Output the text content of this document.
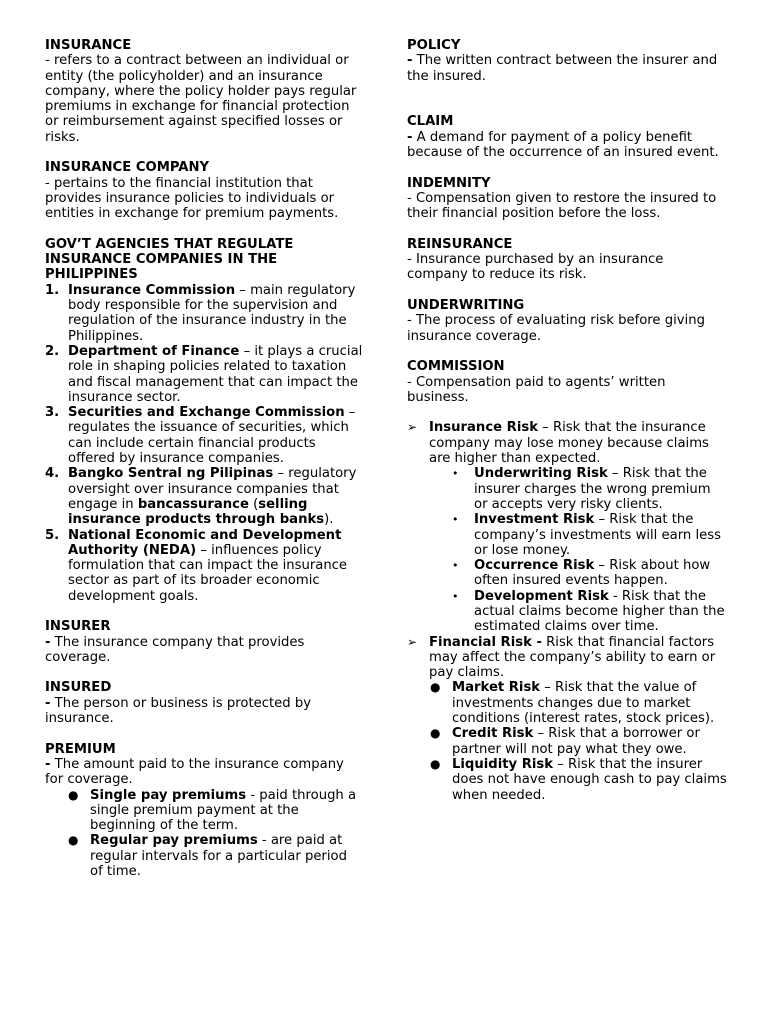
INSURANCE

- refers to a contract between an individual or entity (the policyholder) and an insurance company, where the policy holder pays regular premiums in exchange for financial protection or reimbursement against specified losses or risks.

INSURANCE COMPANY

- pertains to the financial institution that provides insurance policies to individuals or entities in exchange for premium payments.

GOV’T AGENCIES THAT REGULATE INSURANCE COMPANIES IN THE PHILIPPINES

1. Insurance Commission – main regulatory body responsible for the supervision and regulation of the insurance industry in the Philippines.
2. Department of Finance – it plays a crucial role in shaping policies related to taxation and fiscal management that can impact the insurance sector.
3. Securities and Exchange Commission – regulates the issuance of securities, which can include certain financial products offered by insurance companies.
4. Bangko Sentral ng Pilipinas – regulatory oversight over insurance companies that engage in bancassurance (selling insurance products through banks).
5. National Economic and Development Authority (NEDA) – influences policy formulation that can impact the insurance sector as part of its broader economic development goals.

INSURER

- The insurance company that provides coverage.

INSURED

- The person or business is protected by insurance.

PREMIUM

- The amount paid to the insurance company for coverage.

● Single pay premiums - paid through a single premium payment at the beginning of the term.
● Regular pay premiums - are paid at regular intervals for a particular period of time.

POLICY

- The written contract between the insurer and the insured.

CLAIM

- A demand for payment of a policy benefit because of the occurrence of an insured event.

INDEMNITY

- Compensation given to restore the insured to their financial position before the loss.

REINSURANCE

- Insurance purchased by an insurance company to reduce its risk.

UNDERWRITING

- The process of evaluating risk before giving insurance coverage.

COMMISSION

- Compensation paid to agents’ written business.

➢ Insurance Risk – Risk that the insurance company may lose money because claims are higher than expected.
• Underwriting Risk – Risk that the insurer charges the wrong premium or accepts very risky clients.
• Investment Risk – Risk that the company’s investments will earn less or lose money.
• Occurrence Risk – Risk about how often insured events happen.
• Development Risk - Risk that the actual claims become higher than the estimated claims over time.
➢ Financial Risk - Risk that financial factors may affect the company’s ability to earn or pay claims.
● Market Risk – Risk that the value of investments changes due to market conditions (interest rates, stock prices).
● Credit Risk – Risk that a borrower or partner will not pay what they owe.
● Liquidity Risk – Risk that the insurer does not have enough cash to pay claims when needed.
